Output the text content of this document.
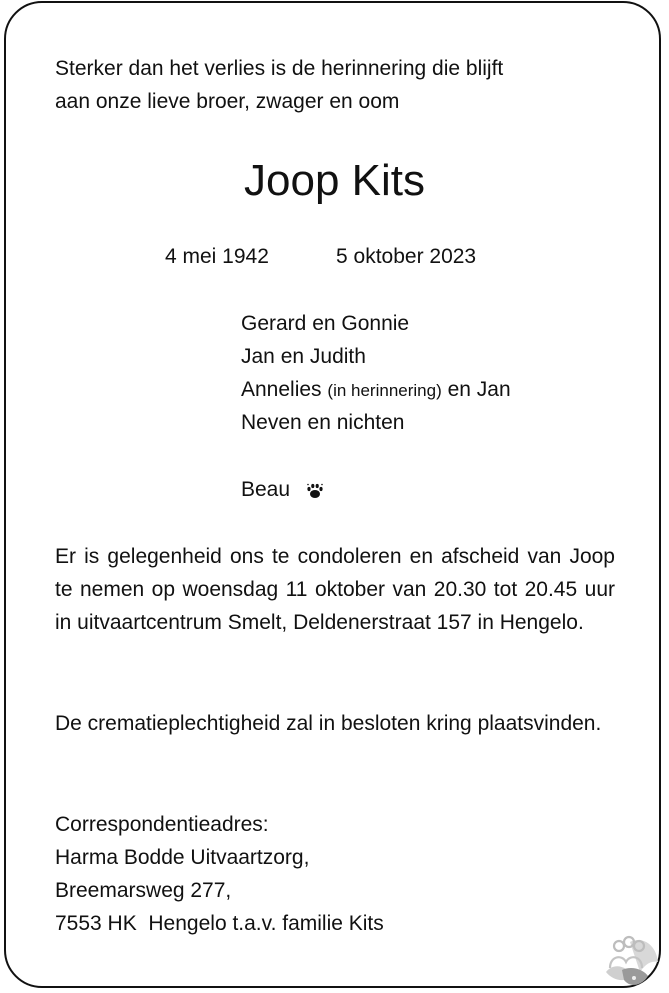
Sterker dan het verlies is de herinnering die blijft
aan onze lieve broer, zwager en oom
Joop Kits
4 mei 1942	5 oktober 2023
Gerard en Gonnie
Jan en Judith
Annelies (in herinnering) en Jan
Neven en nichten
Beau
Er is gelegenheid ons te condoleren en afscheid van Joop te nemen op woensdag 11 oktober van 20.30 tot 20.45 uur in uitvaartcentrum Smelt, Deldenerstraat 157 in Hengelo.
De crematieplechtigheid zal in besloten kring plaatsvinden.
Correspondentieadres:
Harma Bodde Uitvaartzorg,
Breemarsweg 277,
7553 HK  Hengelo t.a.v. familie Kits
